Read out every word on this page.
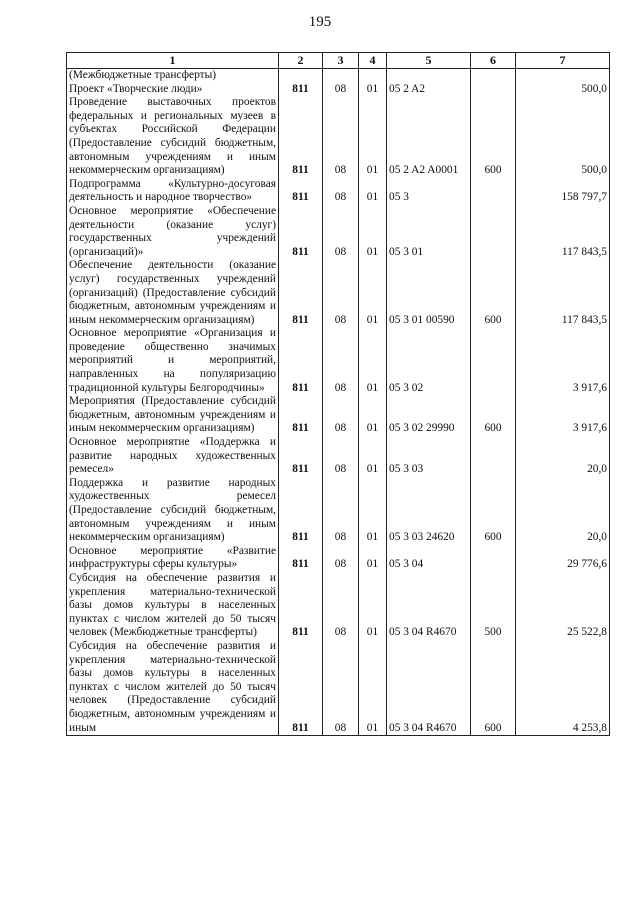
195
1	2	3	4	5	6	7
(Межбюджетные трансферты)						
Проект «Творческие люди»	811	08	01	05 2 A2		500,0
Проведение выставочных проектов федеральных и региональных музеев в субъектах Российской Федерации (Предоставление субсидий бюджетным, автономным учреждениям и иным некоммерческим организациям)	811	08	01	05 2 A2 A0001	600	500,0
Подпрограмма «Культурно-досуговая деятельность и народное творчество»	811	08	01	05 3		158 797,7
Основное мероприятие «Обеспечение деятельности (оказание услуг) государственных учреждений (организаций)»	811	08	01	05 3 01		117 843,5
Обеспечение деятельности (оказание услуг) государственных учреждений (организаций) (Предоставление субсидий бюджетным, автономным учреждениям и иным некоммерческим организациям)	811	08	01	05 3 01 00590	600	117 843,5
Основное мероприятие «Организация и проведение общественно значимых мероприятий и мероприятий, направленных на популяризацию традиционной культуры Белгородчины»	811	08	01	05 3 02		3 917,6
Мероприятия (Предоставление субсидий бюджетным, автономным учреждениям и иным некоммерческим организациям)	811	08	01	05 3 02 29990	600	3 917,6
Основное мероприятие «Поддержка и развитие народных художественных ремесел»	811	08	01	05 3 03		20,0
Поддержка и развитие народных художественных ремесел (Предоставление субсидий бюджетным, автономным учреждениям и иным некоммерческим организациям)	811	08	01	05 3 03 24620	600	20,0
Основное мероприятие «Развитие инфраструктуры сферы культуры»	811	08	01	05 3 04		29 776,6
Субсидия на обеспечение развития и укрепления материально-технической базы домов культуры в населенных пунктах с числом жителей до 50 тысяч человек (Межбюджетные трансферты)	811	08	01	05 3 04 R4670	500	25 522,8
Субсидия на обеспечение развития и укрепления материально-технической базы домов культуры в населенных пунктах с числом жителей до 50 тысяч человек (Предоставление субсидий бюджетным, автономным учреждениям и иным	811	08	01	05 3 04 R4670	600	4 253,8
